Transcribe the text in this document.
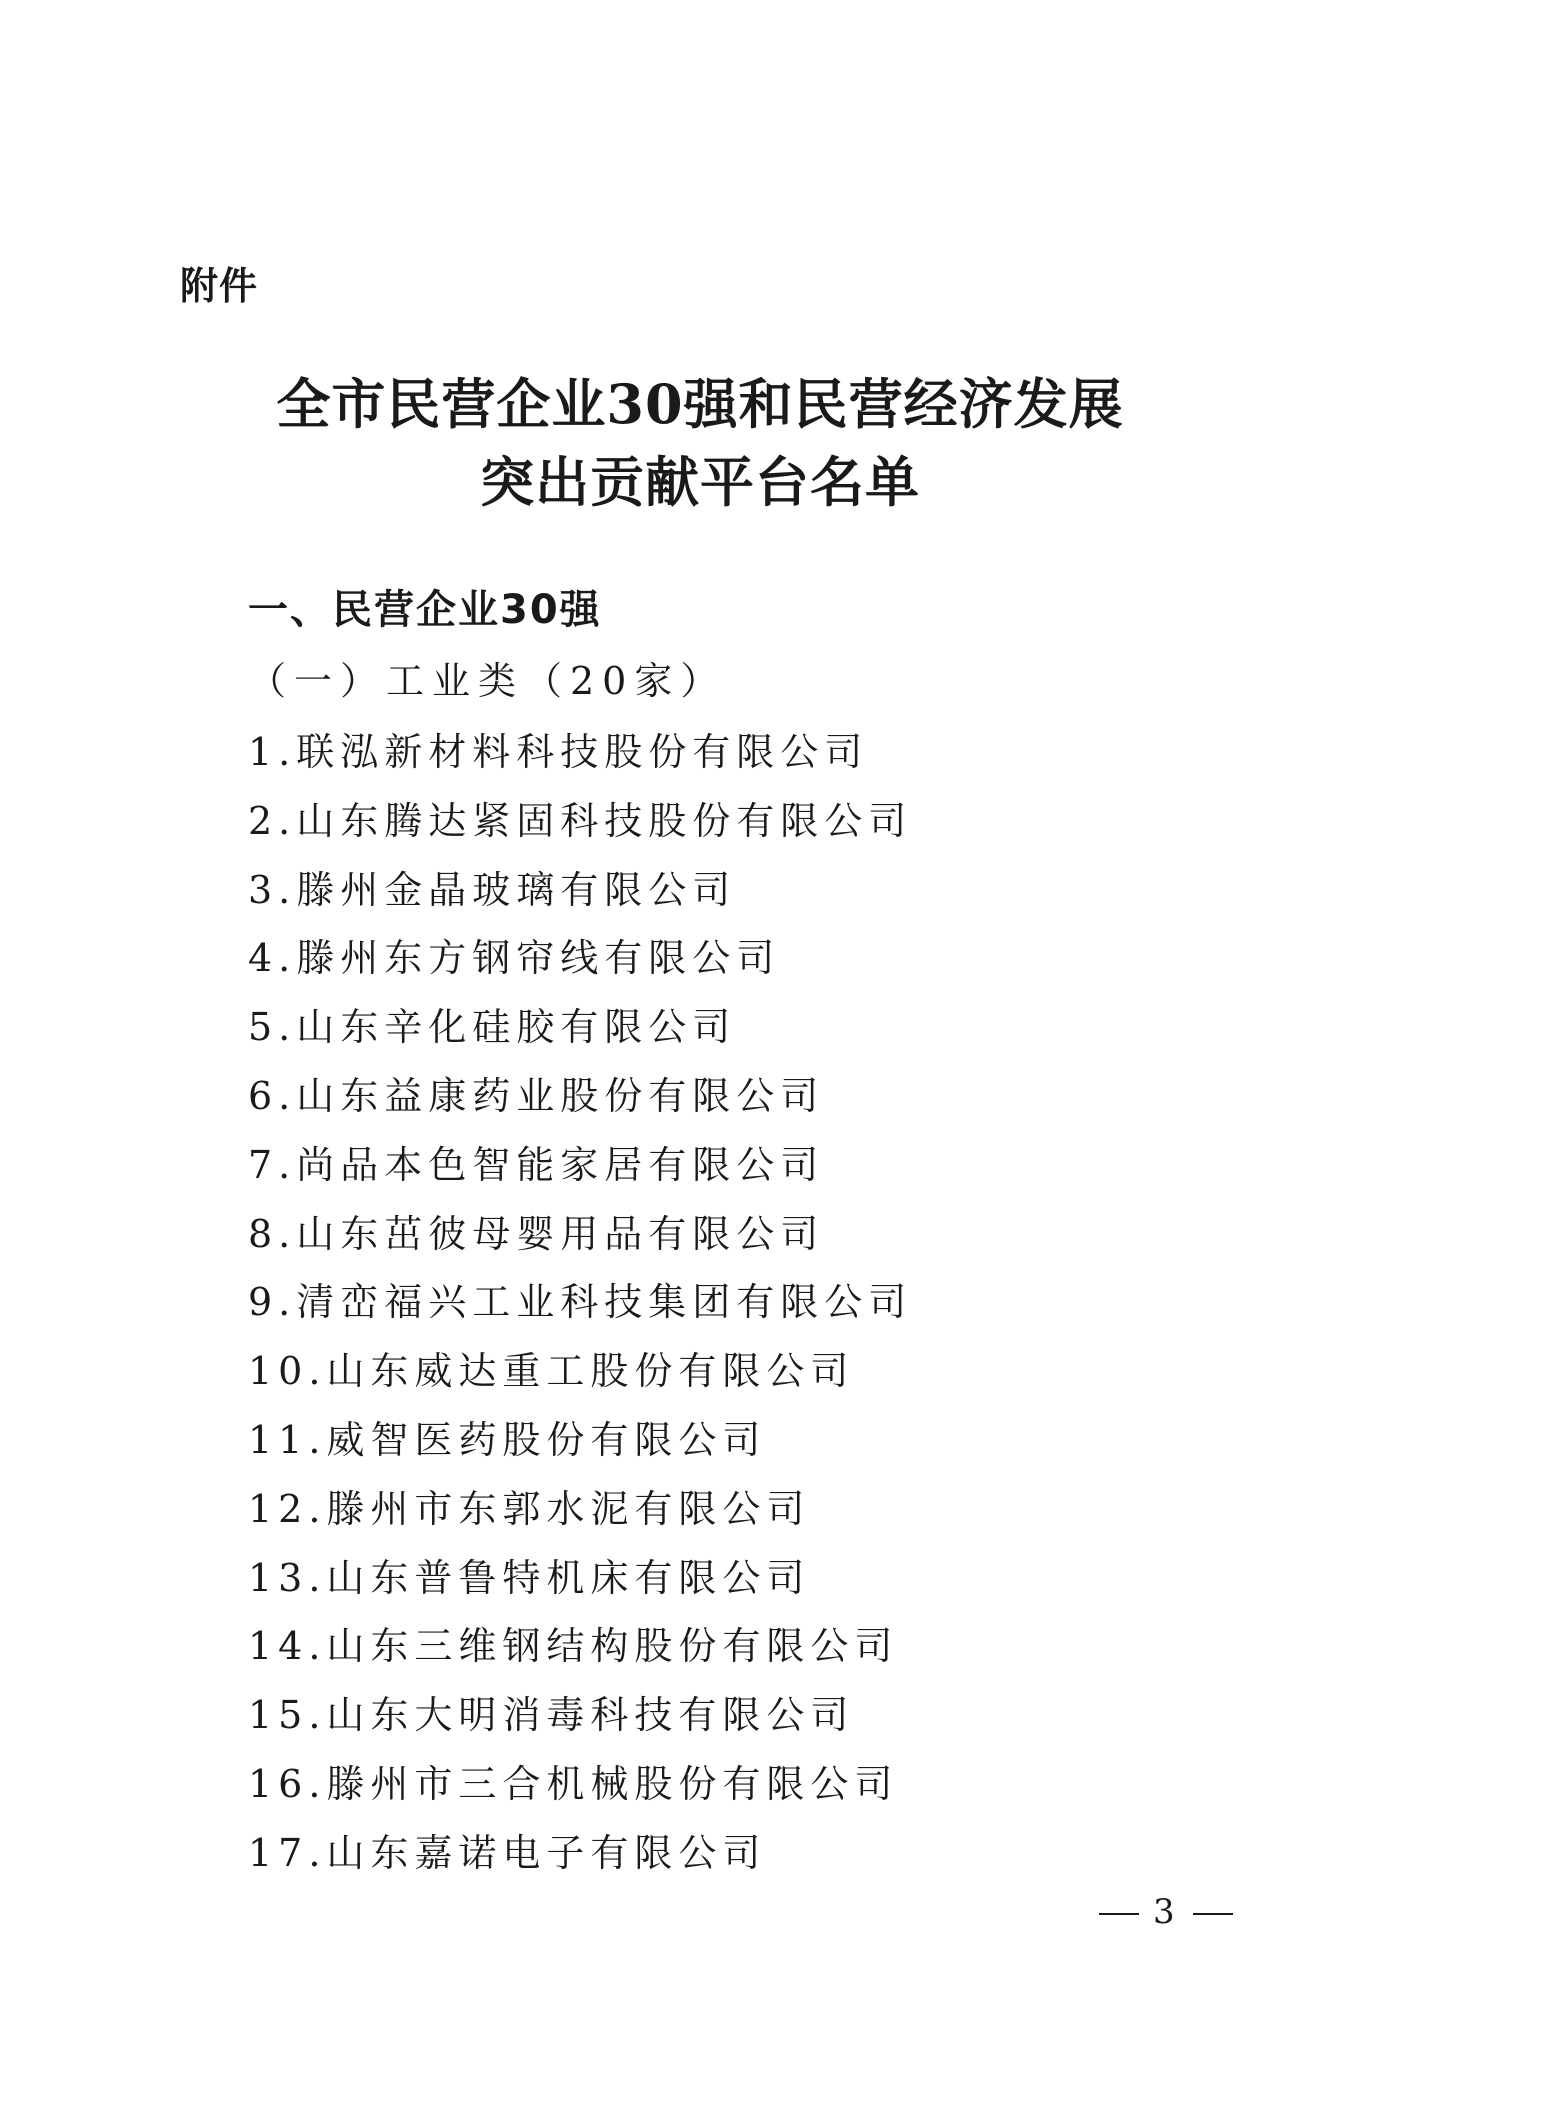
附件
全市民营企业30强和民营经济发展
突出贡献平台名单
一、民营企业30强
（一）工业类（20家）
1.联泓新材料科技股份有限公司
2.山东腾达紧固科技股份有限公司
3.滕州金晶玻璃有限公司
4.滕州东方钢帘线有限公司
5.山东辛化硅胶有限公司
6.山东益康药业股份有限公司
7.尚品本色智能家居有限公司
8.山东茁彼母婴用品有限公司
9.清峦福兴工业科技集团有限公司
10.山东威达重工股份有限公司
11.威智医药股份有限公司
12.滕州市东郭水泥有限公司
13.山东普鲁特机床有限公司
14.山东三维钢结构股份有限公司
15.山东大明消毒科技有限公司
16.滕州市三合机械股份有限公司
17.山东嘉诺电子有限公司
3
